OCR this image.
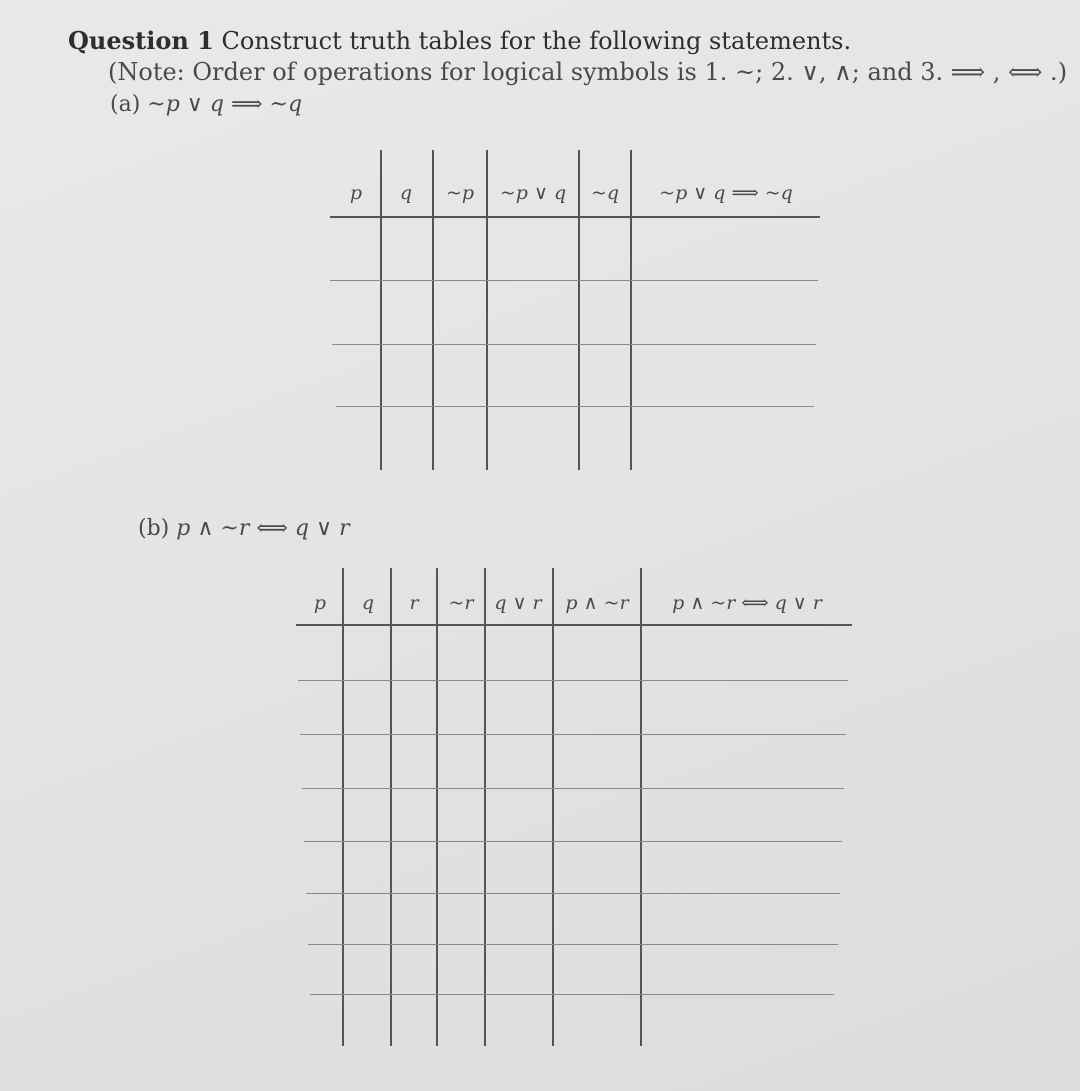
Question 1 Construct truth tables for the following statements.
(Note: Order of operations for logical symbols is 1. ~; 2. ∨, ∧; and 3. ⟹ , ⟺ .)
(a) ~p ∨ q ⟹ ~q
p	q	~p	~p ∨ q	~q	~p ∨ q ⟹ ~q
(b) p ∧ ~r ⟺ q ∨ r
p	q	r	~r	q ∨ r	p ∧ ~r	p ∧ ~r ⟺ q ∨ r
